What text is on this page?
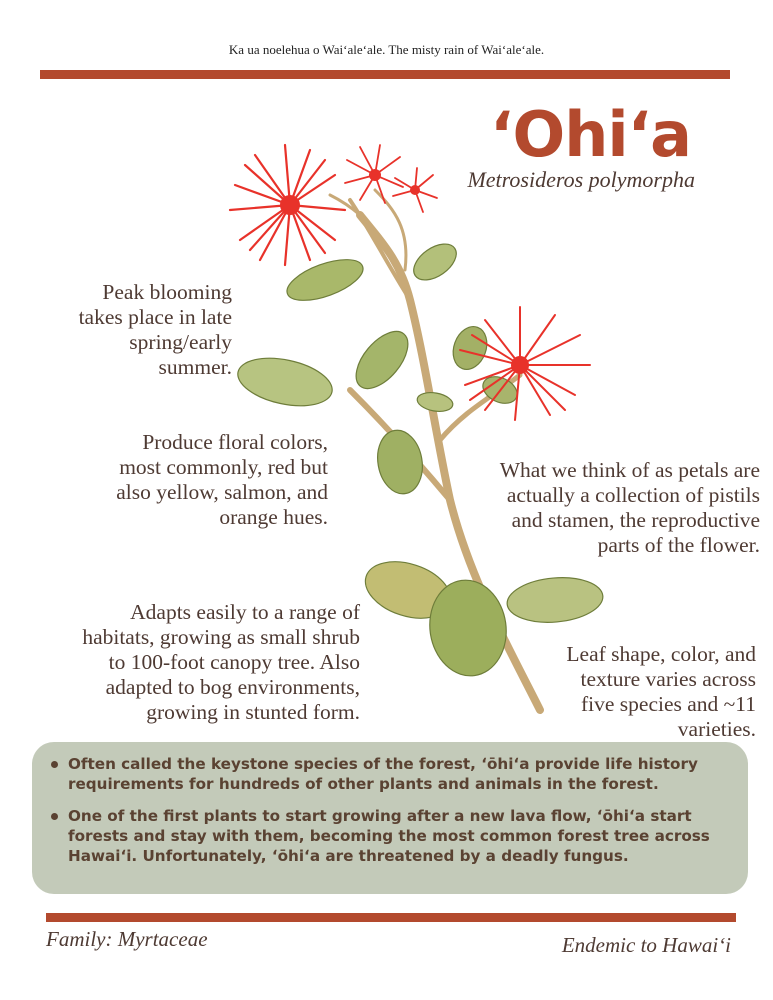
Ka ua noelehua o Waiʻaleʻale. The misty rain of Waiʻaleʻale.
ʻOhiʻa
Metrosideros polymorpha
Peak blooming
takes place in late
spring/early
summer.
Produce floral colors,
most commonly, red but
also yellow, salmon, and
orange hues.
Adapts easily to a range of
habitats, growing as small shrub
to 100-foot canopy tree. Also
adapted to bog environments,
growing in stunted form.
What we think of as petals are
actually a collection of pistils
and stamen, the reproductive
parts of the flower.
Leaf shape, color, and
texture varies across
five species and ~11
varieties.
Often called the keystone species of the forest, ʻōhiʻa provide life history requirements for hundreds of other plants and animals in the forest.
One of the first plants to start growing after a new lava flow, ʻōhiʻa start forests and stay with them, becoming the most common forest tree across Hawaiʻi. Unfortunately, ʻōhiʻa are threatened by a deadly fungus.
Family: Myrtaceae	Endemic to Hawaiʻi
